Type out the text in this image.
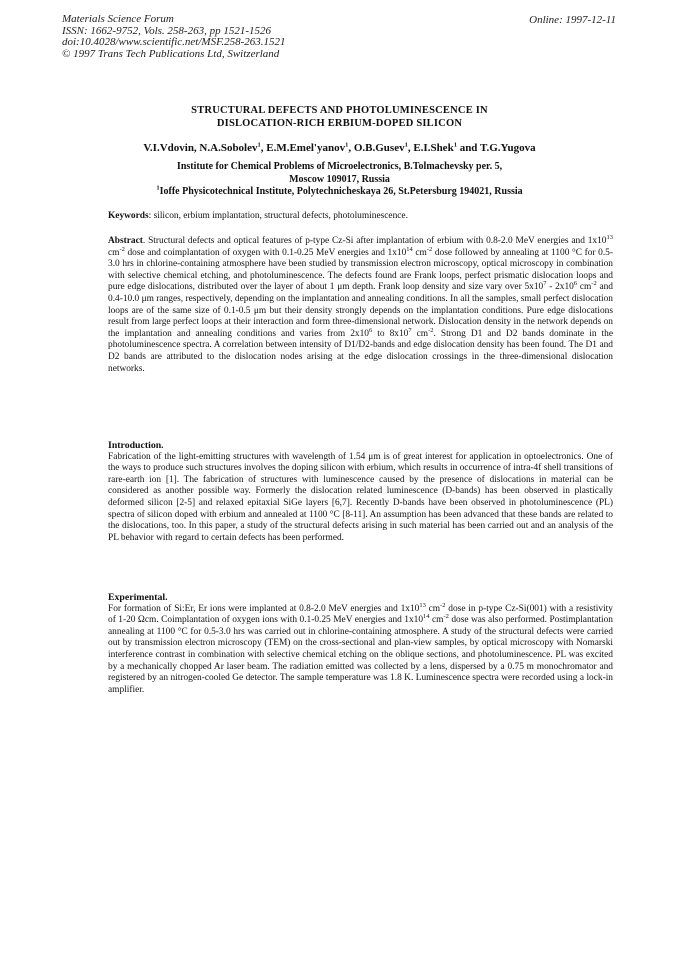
Materials Science Forum
ISSN: 1662-9752, Vols. 258-263, pp 1521-1526
doi:10.4028/www.scientific.net/MSF.258-263.1521
© 1997 Trans Tech Publications Ltd, Switzerland
Online: 1997-12-11
STRUCTURAL DEFECTS AND PHOTOLUMINESCENCE IN
DISLOCATION-RICH ERBIUM-DOPED SILICON
V.I.Vdovin, N.A.Sobolev$^1$, E.M.Emel'yanov$^1$, O.B.Gusev$^1$, E.I.Shek$^1$ and T.G.Yugova
Institute for Chemical Problems of Microelectronics, B.Tolmachevsky per. 5,
Moscow 109017, Russia
$^1$Ioffe Physicotechnical Institute, Polytechnicheskaya 26, St.Petersburg 194021, Russia

Keywords: silicon, erbium implantation, structural defects, photoluminescence.

Abstract. Structural defects and optical features of p-type Cz-Si after implantation of erbium with 0.8-2.0 MeV energies and $1x10^{13}$ $cm^{-2}$ dose and coimplantation of oxygen with 0.1-0.25 MeV energies and $1x10^{14}$ $cm^{-2}$ dose followed by annealing at 1100 °C for 0.5-3.0 hrs in chlorine-containing atmosphere have been studied by transmission electron microscopy, optical microscopy in combination with selective chemical etching, and photoluminescence. The defects found are Frank loops, perfect prismatic dislocation loops and pure edge dislocations, distributed over the layer of about 1 μm depth. Frank loop density and size vary over $5x10^7 - 2x10^6$ $cm^{-2}$ and 0.4-10.0 μm ranges, respectively, depending on the implantation and annealing conditions. In all the samples, small perfect dislocation loops are of the same size of 0.1-0.5 μm but their density strongly depends on the implantation conditions. Pure edge dislocations result from large perfect loops at their interaction and form three-dimensional network. Dislocation density in the network depends on the implantation and annealing conditions and varies from $2x10^6$ to $8x10^7$ $cm^{-2}$. Strong D1 and D2 bands dominate in the photoluminescence spectra. A correlation between intensity of D1/D2-bands and edge dislocation density has been found. The D1 and D2 bands are attributed to the dislocation nodes arising at the edge dislocation crossings in the three-dimensional dislocation networks.

Introduction.

Fabrication of the light-emitting structures with wavelength of 1.54 μm is of great interest for application in optoelectronics. One of the ways to produce such structures involves the doping silicon with erbium, which results in occurrence of intra-4f shell transitions of rare-earth ion [1]. The fabrication of structures with luminescence caused by the presence of dislocations in material can be considered as another possible way. Formerly the dislocation related luminescence (D-bands) has been observed in plastically deformed silicon [2-5] and relaxed epitaxial SiGe layers [6,7]. Recently D-bands have been observed in photoluminescence (PL) spectra of silicon doped with erbium and annealed at 1100 °C [8-11]. An assumption has been advanced that these bands are related to the dislocations, too. In this paper, a study of the structural defects arising in such material has been carried out and an analysis of the PL behavior with regard to certain defects has been performed.

Experimental.

For formation of Si:Er, Er ions were implanted at 0.8-2.0 MeV energies and $1x10^{13}$ $cm^{-2}$ dose in p-type Cz-Si(001) with a resistivity of 1-20 Ωcm. Coimplantation of oxygen ions with 0.1-0.25 MeV energies and $1x10^{14}$ $cm^{-2}$ dose was also performed. Postimplantation annealing at 1100 °C for 0.5-3.0 hrs was carried out in chlorine-containing atmosphere. A study of the structural defects were carried out by transmission electron microscopy (TEM) on the cross-sectional and plan-view samples, by optical microscopy with Nomarski interference contrast in combination with selective chemical etching on the oblique sections, and photoluminescence. PL was excited by a mechanically chopped Ar laser beam. The radiation emitted was collected by a lens, dispersed by a 0.75 m monochromator and registered by an nitrogen-cooled Ge detector. The sample temperature was 1.8 K. Luminescence spectra were recorded using a lock-in amplifier.
